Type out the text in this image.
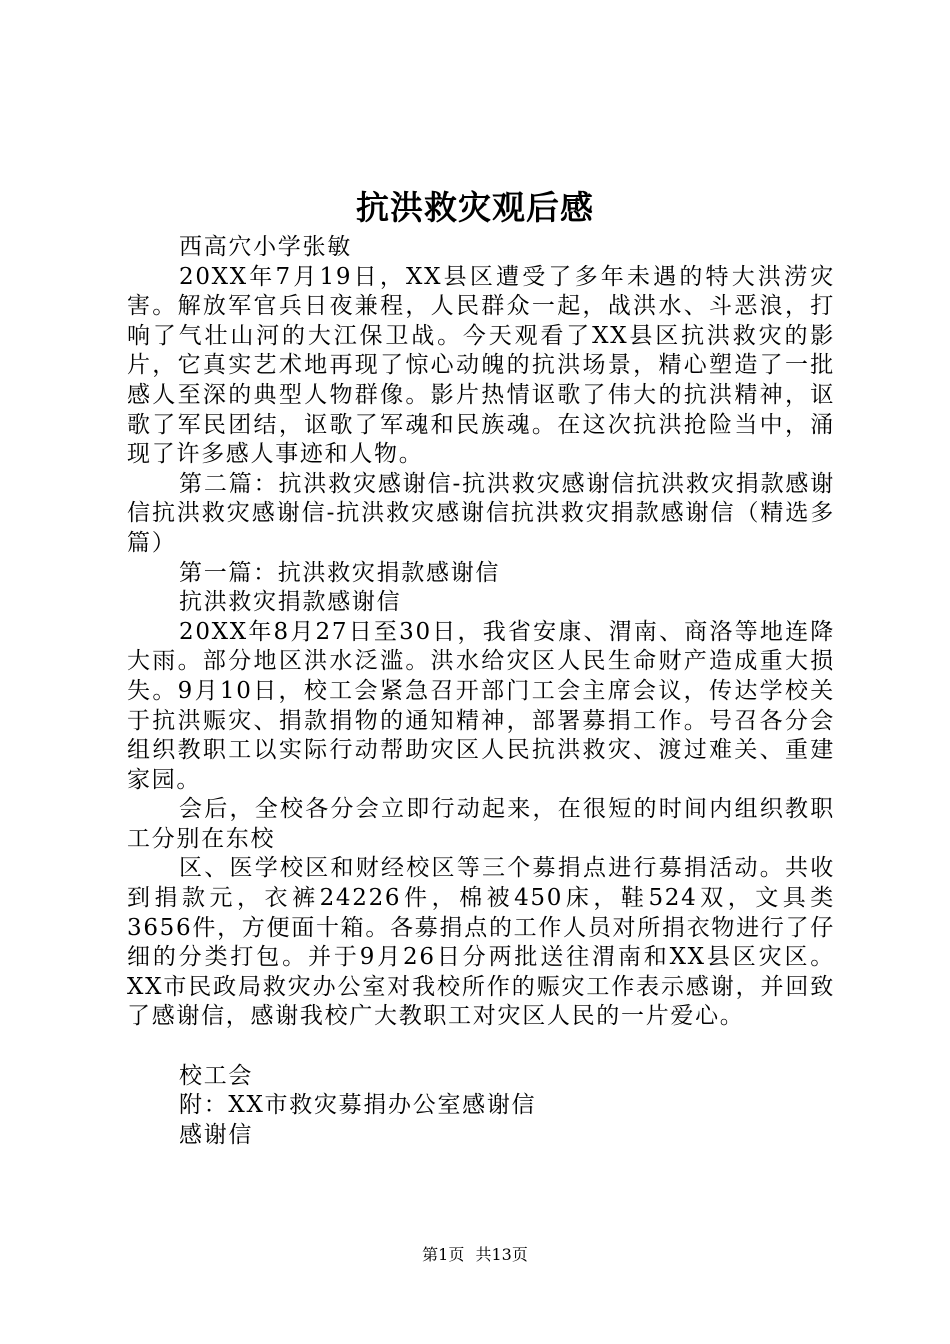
抗洪救灾观后感

西高穴小学张敏

20XX年7月19日，XX县区遭受了多年未遇的特大洪涝灾害。解放军官兵日夜兼程，人民群众一起，战洪水、斗恶浪，打响了气壮山河的大江保卫战。今天观看了XX县区抗洪救灾的影片，它真实艺术地再现了惊心动魄的抗洪场景，精心塑造了一批感人至深的典型人物群像。影片热情讴歌了伟大的抗洪精神，讴歌了军民团结，讴歌了军魂和民族魂。在这次抗洪抢险当中，涌现了许多感人事迹和人物。

第二篇：抗洪救灾感谢信-抗洪救灾感谢信抗洪救灾捐款感谢信抗洪救灾感谢信-抗洪救灾感谢信抗洪救灾捐款感谢信（精选多篇）

第一篇：抗洪救灾捐款感谢信

抗洪救灾捐款感谢信

20XX年8月27日至30日，我省安康、渭南、商洛等地连降大雨。部分地区洪水泛滥。洪水给灾区人民生命财产造成重大损失。9月10日，校工会紧急召开部门工会主席会议，传达学校关于抗洪赈灾、捐款捐物的通知精神，部署募捐工作。号召各分会组织教职工以实际行动帮助灾区人民抗洪救灾、渡过难关、重建家园。

会后，全校各分会立即行动起来，在很短的时间内组织教职工分别在东校

区、医学校区和财经校区等三个募捐点进行募捐活动。共收到捐款元，衣裤24226件，棉被450床，鞋524双，文具类3656件，方便面十箱。各募捐点的工作人员对所捐衣物进行了仔细的分类打包。并于9月26日分两批送往渭南和XX县区灾区。XX市民政局救灾办公室对我校所作的赈灾工作表示感谢，并回致了感谢信，感谢我校广大教职工对灾区人民的一片爱心。

校工会

附：XX市救灾募捐办公室感谢信

感谢信

第1页 共13页
